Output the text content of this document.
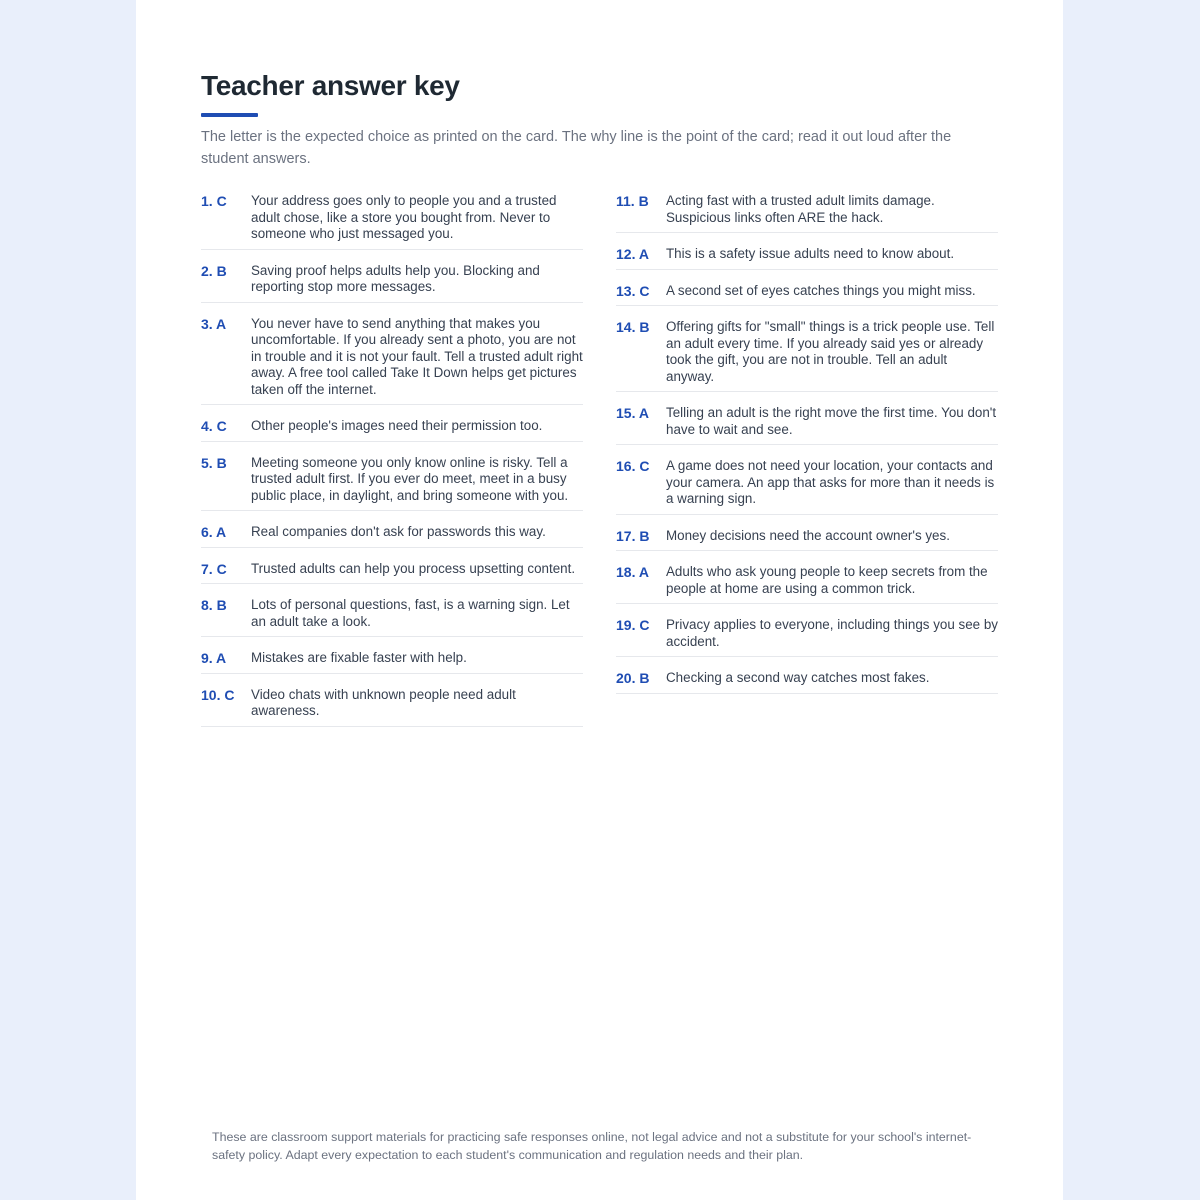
Teacher answer key

The letter is the expected choice as printed on the card. The why line is the point of the card; read it out loud after the student answers.

1. C	Your address goes only to people you and a trusted adult chose, like a store you bought from. Never to someone who just messaged you.
2. B	Saving proof helps adults help you. Blocking and reporting stop more messages.
3. A	You never have to send anything that makes you uncomfortable. If you already sent a photo, you are not in trouble and it is not your fault. Tell a trusted adult right away. A free tool called Take It Down helps get pictures taken off the internet.
4. C	Other people's images need their permission too.
5. B	Meeting someone you only know online is risky. Tell a trusted adult first. If you ever do meet, meet in a busy public place, in daylight, and bring someone with you.
6. A	Real companies don't ask for passwords this way.
7. C	Trusted adults can help you process upsetting content.
8. B	Lots of personal questions, fast, is a warning sign. Let an adult take a look.
9. A	Mistakes are fixable faster with help.
10. C	Video chats with unknown people need adult awareness.
11. B	Acting fast with a trusted adult limits damage. Suspicious links often ARE the hack.
12. A	This is a safety issue adults need to know about.
13. C	A second set of eyes catches things you might miss.
14. B	Offering gifts for "small" things is a trick people use. Tell an adult every time. If you already said yes or already took the gift, you are not in trouble. Tell an adult anyway.
15. A	Telling an adult is the right move the first time. You don't have to wait and see.
16. C	A game does not need your location, your contacts and your camera. An app that asks for more than it needs is a warning sign.
17. B	Money decisions need the account owner's yes.
18. A	Adults who ask young people to keep secrets from the people at home are using a common trick.
19. C	Privacy applies to everyone, including things you see by accident.
20. B	Checking a second way catches most fakes.

These are classroom support materials for practicing safe responses online, not legal advice and not a substitute for your school's internet-safety policy. Adapt every expectation to each student's communication and regulation needs and their plan.
